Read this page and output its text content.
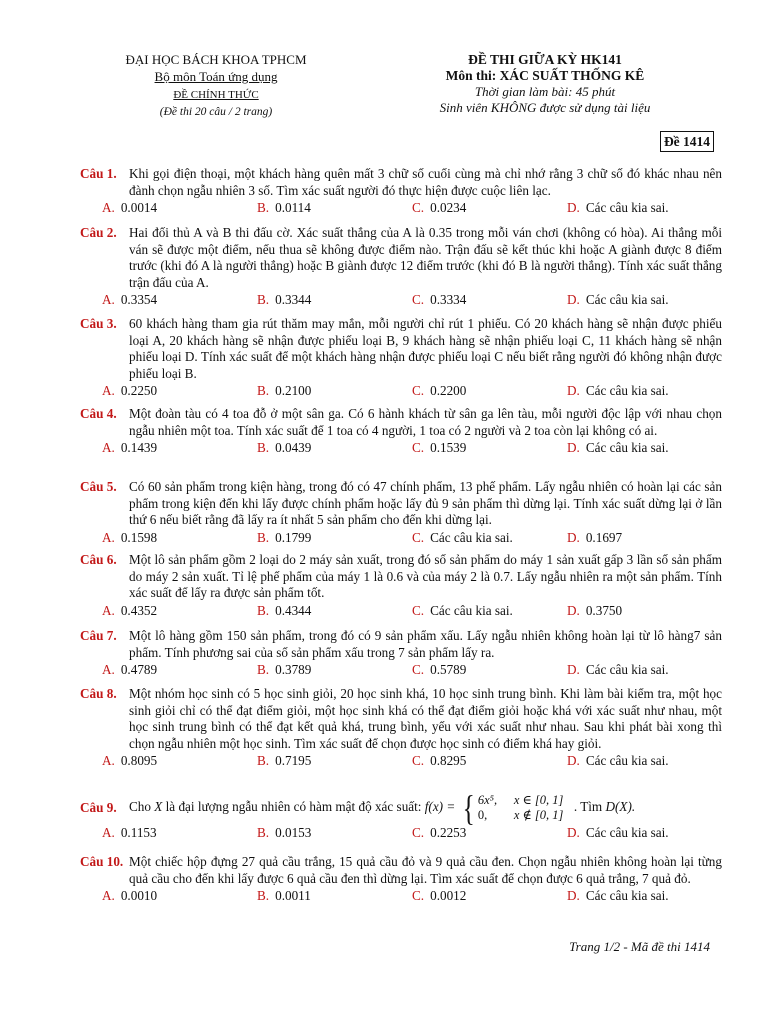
ĐẠI HỌC BÁCH KHOA TPHCM
Bộ môn Toán ứng dụng
ĐỀ CHÍNH THỨC
(Đề thi 20 câu / 2 trang)
ĐỀ THI GIỮA KỲ HK141
Môn thi: XÁC SUẤT THỐNG KÊ
Thời gian làm bài: 45 phút
Sinh viên KHÔNG được sử dụng tài liệu
Đề 1414
Câu 1. Khi gọi điện thoại, một khách hàng quên mất 3 chữ số cuối cùng mà chỉ nhớ rằng 3 chữ số đó khác nhau nên đành chọn ngẫu nhiên 3 số. Tìm xác suất người đó thực hiện được cuộc liên lạc.
A. 0.0014	B. 0.0114	C. 0.0234	D. Các câu kia sai.
Câu 2. Hai đối thủ A và B thi đấu cờ. Xác suất thắng của A là 0.35 trong mỗi ván chơi (không có hòa). Ai thắng mỗi ván sẽ được một điểm, nếu thua sẽ không được điểm nào. Trận đấu sẽ kết thúc khi hoặc A giành được 8 điểm trước (khi đó A là người thắng) hoặc B giành được 12 điểm trước (khi đó B là người thắng). Tính xác suất thắng trận đấu của A.
A. 0.3354	B. 0.3344	C. 0.3334	D. Các câu kia sai.
Câu 3. 60 khách hàng tham gia rút thăm may mắn, mỗi người chỉ rút 1 phiếu. Có 20 khách hàng sẽ nhận được phiếu loại A, 20 khách hàng sẽ nhận được phiếu loại B, 9 khách hàng sẽ nhận phiếu loại C, 11 khách hàng sẽ nhận phiếu loại D. Tính xác suất để một khách hàng nhận được phiếu loại C nếu biết rằng người đó không nhận được phiếu loại B.
A. 0.2250	B. 0.2100	C. 0.2200	D. Các câu kia sai.
Câu 4. Một đoàn tàu có 4 toa đỗ ở một sân ga. Có 6 hành khách từ sân ga lên tàu, mỗi người độc lập với nhau chọn ngẫu nhiên một toa. Tính xác suất để 1 toa có 4 người, 1 toa có 2 người và 2 toa còn lại không có ai.
A. 0.1439	B. 0.0439	C. 0.1539	D. Các câu kia sai.
Câu 5. Có 60 sản phẩm trong kiện hàng, trong đó có 47 chính phẩm, 13 phế phẩm. Lấy ngẫu nhiên có hoàn lại các sản phẩm trong kiện đến khi lấy được chính phẩm hoặc lấy đủ 9 sản phẩm thì dừng lại. Tính xác suất dừng lại ở lần thứ 6 nếu biết rằng đã lấy ra ít nhất 5 sản phẩm cho đến khi dừng lại.
A. 0.1598	B. 0.1799	C. Các câu kia sai.	D. 0.1697
Câu 6. Một lô sản phẩm gồm 2 loại do 2 máy sản xuất, trong đó số sản phẩm do máy 1 sản xuất gấp 3 lần số sản phẩm do máy 2 sản xuất. Tỉ lệ phế phẩm của máy 1 là 0.6 và của máy 2 là 0.7. Lấy ngẫu nhiên ra một sản phẩm. Tính xác suất để lấy ra được sản phẩm tốt.
A. 0.4352	B. 0.4344	C. Các câu kia sai.	D. 0.3750
Câu 7. Một lô hàng gồm 150 sản phẩm, trong đó có 9 sản phẩm xấu. Lấy ngẫu nhiên không hoàn lại từ lô hàng7 sản phẩm. Tính phương sai của số sản phẩm xấu trong 7 sản phẩm lấy ra.
A. 0.4789	B. 0.3789	C. 0.5789	D. Các câu kia sai.
Câu 8. Một nhóm học sinh có 5 học sinh giỏi, 20 học sinh khá, 10 học sinh trung bình. Khi làm bài kiểm tra, một học sinh giỏi chỉ có thể đạt điểm giỏi, một học sinh khá có thể đạt điểm giỏi hoặc khá với xác suất như nhau, một học sinh trung bình có thể đạt kết quả khá, trung bình, yếu với xác suất như nhau. Sau khi phát bài xong thì chọn ngẫu nhiên một học sinh. Tìm xác suất để chọn được học sinh có điểm khá hay giỏi.
A. 0.8095	B. 0.7195	C. 0.8295	D. Các câu kia sai.
Câu 9. Cho X là đại lượng ngẫu nhiên có hàm mật độ xác suất: f(x) = { 6x⁵,	x ∈ [0, 1]
0,	x ∉ [0, 1]
. Tìm D(X).
A. 0.1153	B. 0.0153	C. 0.2253	D. Các câu kia sai.
Câu 10. Một chiếc hộp đựng 27 quả cầu trắng, 15 quả cầu đỏ và 9 quả cầu đen. Chọn ngẫu nhiên không hoàn lại từng quả cầu cho đến khi lấy được 6 quả cầu đen thì dừng lại. Tìm xác suất để chọn được 6 quả trắng, 7 quả đỏ.
A. 0.0010	B. 0.0011	C. 0.0012	D. Các câu kia sai.
Trang 1/2 - Mã đề thi 1414
